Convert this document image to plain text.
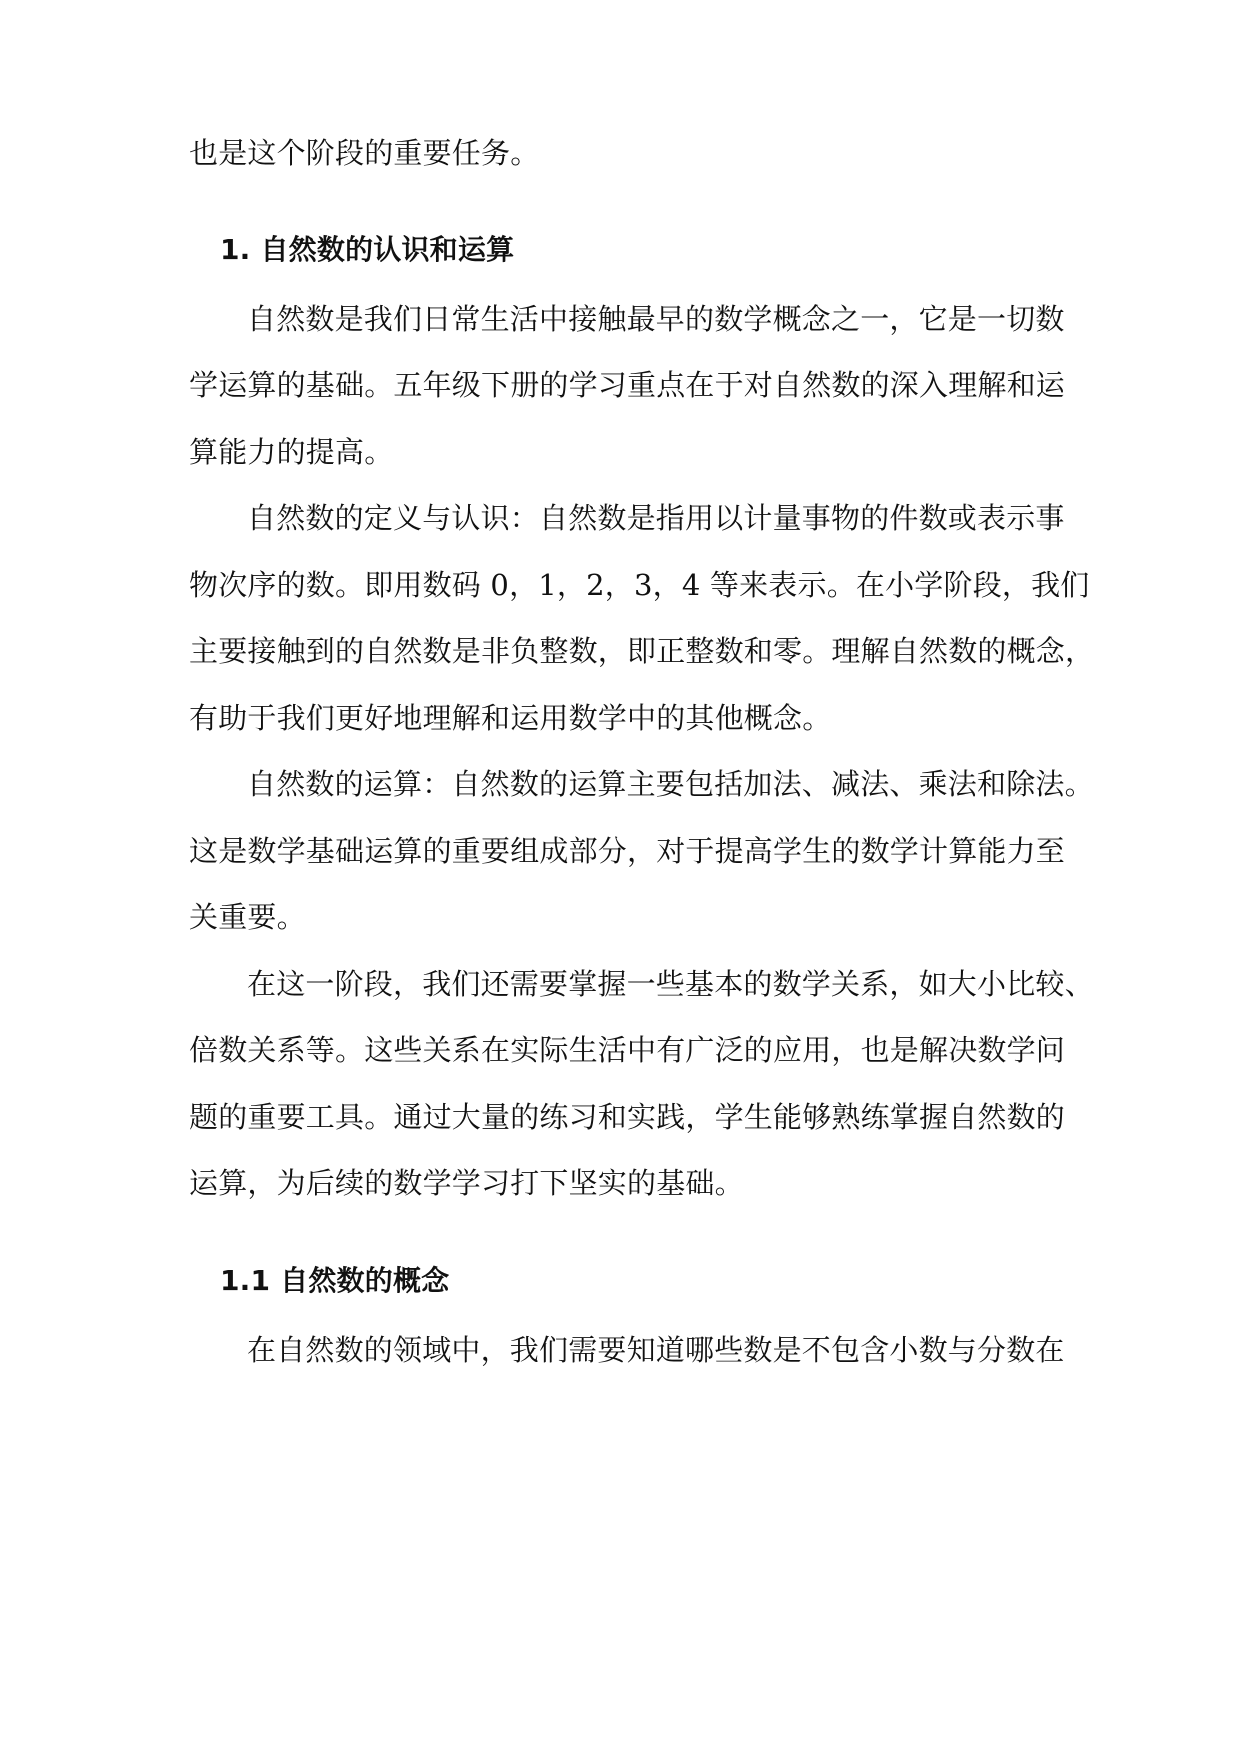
也是这个阶段的重要任务。
1. 自然数的认识和运算
自然数是我们日常生活中接触最早的数学概念之一，它是一切数
学运算的基础。五年级下册的学习重点在于对自然数的深入理解和运
算能力的提高。
自然数的定义与认识：自然数是指用以计量事物的件数或表示事
物次序的数。即用数码 0，1，2，3，4 等来表示。在小学阶段，我们
主要接触到的自然数是非负整数，即正整数和零。理解自然数的概念，
有助于我们更好地理解和运用数学中的其他概念。
自然数的运算：自然数的运算主要包括加法、减法、乘法和除法。
这是数学基础运算的重要组成部分，对于提高学生的数学计算能力至
关重要。
在这一阶段，我们还需要掌握一些基本的数学关系，如大小比较、
倍数关系等。这些关系在实际生活中有广泛的应用，也是解决数学问
题的重要工具。通过大量的练习和实践，学生能够熟练掌握自然数的
运算，为后续的数学学习打下坚实的基础。
1.1 自然数的概念
在自然数的领域中，我们需要知道哪些数是不包含小数与分数在
